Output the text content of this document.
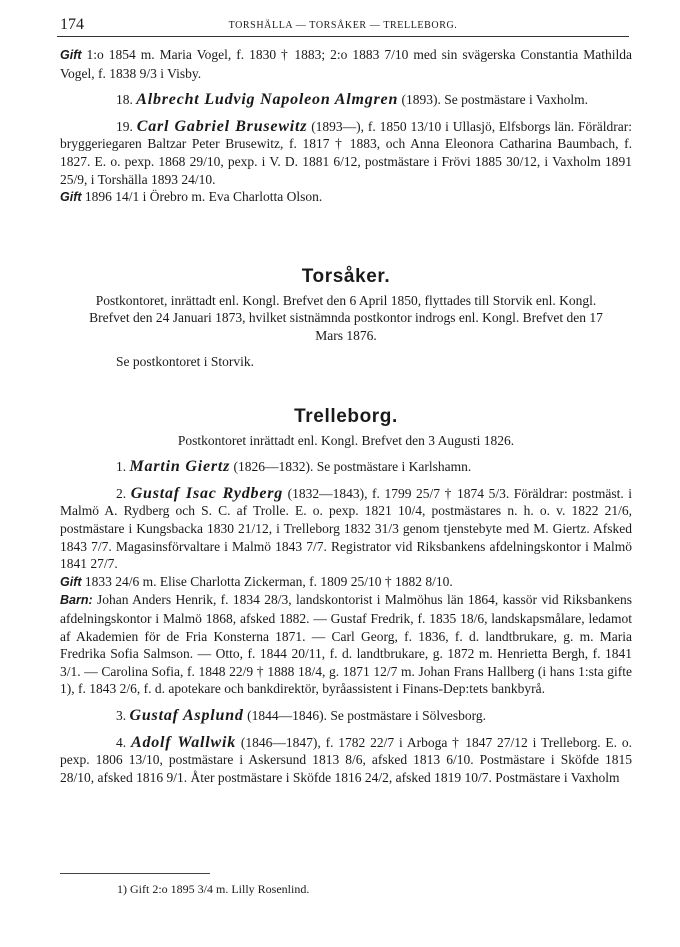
174	TORSHÄLLA — TORSÅKER — TRELLEBORG.

Gift 1:o 1854 m. Maria Vogel, f. 1830 † 1883; 2:o 1883 7/10 med sin svägerska Constantia Mathilda Vogel, f. 1838 9/3 i Visby.

18. Albrecht Ludvig Napoleon Almgren (1893). Se postmästare i Vaxholm.

19. Carl Gabriel Brusewitz (1893—), f. 1850 13/10 i Ullasjö, Elfsborgs län. Föräldrar: bryggeriegaren Baltzar Peter Brusewitz, f. 1817 † 1883, och Anna Eleonora Catharina Baumbach, f. 1827. E. o. pexp. 1868 29/10, pexp. i V. D. 1881 6/12, postmästare i Frövi 1885 30/12, i Vaxholm 1891 25/9, i Torshälla 1893 24/10.

Gift 1896 14/1 i Örebro m. Eva Charlotta Olson.

Torsåker.

Postkontoret, inrättadt enl. Kongl. Brefvet den 6 April 1850, flyttades till Storvik enl. Kongl. Brefvet den 24 Januari 1873, hvilket sistnämnda postkontor indrogs enl. Kongl. Brefvet den 17 Mars 1876.

Se postkontoret i Storvik.

Trelleborg.

Postkontoret inrättadt enl. Kongl. Brefvet den 3 Augusti 1826.

1. Martin Giertz (1826—1832). Se postmästare i Karlshamn.

2. Gustaf Isac Rydberg (1832—1843), f. 1799 25/7 † 1874 5/3. Föräldrar: postmäst. i Malmö A. Rydberg och S. C. af Trolle. E. o. pexp. 1821 10/4, postmästares n. h. o. v. 1822 21/6, postmästare i Kungsbacka 1830 21/12, i Trelleborg 1832 31/3 genom tjenstebyte med M. Giertz. Afsked 1843 7/7. Magasinsförvaltare i Malmö 1843 7/7. Registrator vid Riksbankens afdelningskontor i Malmö 1841 27/7.

Gift 1833 24/6 m. Elise Charlotta Zickerman, f. 1809 25/10 † 1882 8/10.

Barn: Johan Anders Henrik, f. 1834 28/3, landskontorist i Malmöhus län 1864, kassör vid Riksbankens afdelningskontor i Malmö 1868, afsked 1882. — Gustaf Fredrik, f. 1835 18/6, landskapsmålare, ledamot af Akademien för de Fria Konsterna 1871. — Carl Georg, f. 1836, f. d. landtbrukare, g. m. Maria Fredrika Sofia Salmson. — Otto, f. 1844 20/11, f. d. landtbrukare, g. 1872 m. Henrietta Bergh, f. 1841 3/1. — Carolina Sofia, f. 1848 22/9 † 1888 18/4, g. 1871 12/7 m. Johan Frans Hallberg (i hans 1:sta gifte 1), f. 1843 2/6, f. d. apotekare och bankdirektör, byråassistent i Finans-Dep:tets bankbyrå.

3. Gustaf Asplund (1844—1846). Se postmästare i Sölvesborg.

4. Adolf Wallwik (1846—1847), f. 1782 22/7 i Arboga † 1847 27/12 i Trelleborg. E. o. pexp. 1806 13/10, postmästare i Askersund 1813 8/6, afsked 1813 6/10. Postmästare i Sköfde 1815 28/10, afsked 1816 9/1. Åter postmästare i Sköfde 1816 24/2, afsked 1819 10/7. Postmästare i Vaxholm

1) Gift 2:o 1895 3/4 m. Lilly Rosenlind.
